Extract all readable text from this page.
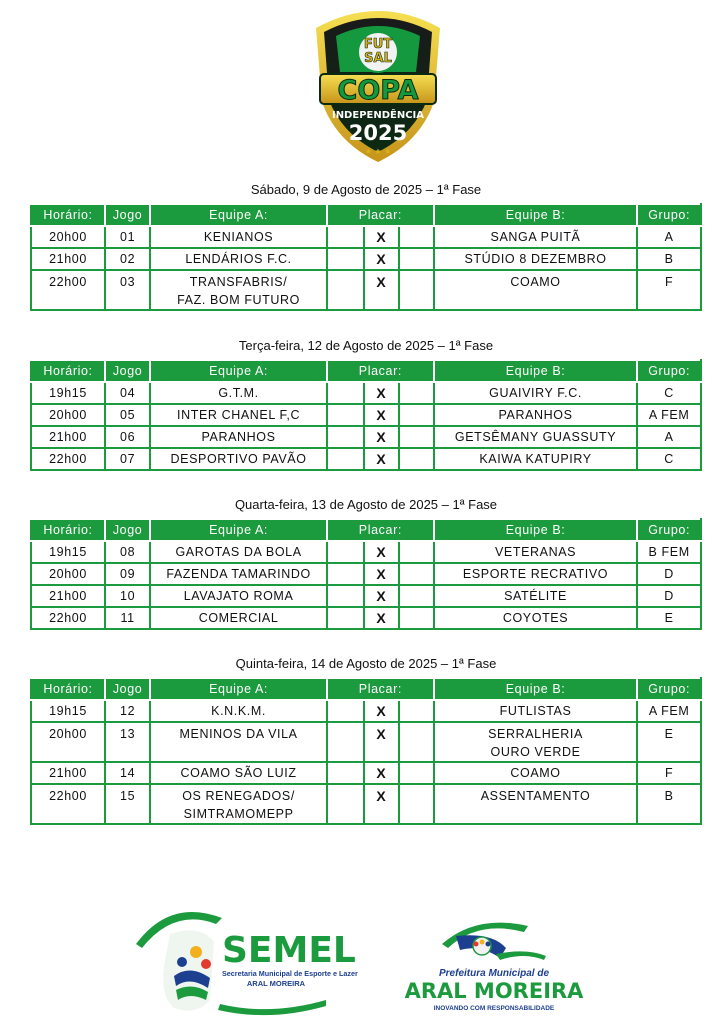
FUT
SAL
COPA
INDEPENDÊNCIA
2025
★ ★ ★
Sábado, 9 de Agosto de 2025 – 1ª Fase
Horário:	Jogo	Equipe A:	Placar:			Equipe B:	Grupo:
20h00	01	KENIANOS		X		SANGA PUITÃ	A
21h00	02	LENDÁRIOS F.C.		X		STÚDIO 8 DEZEMBRO	B
22h00	03	TRANSFABRIS/
FAZ. BOM FUTURO		X		COAMO	F
Terça-feira, 12 de Agosto de 2025 – 1ª Fase
Horário:	Jogo	Equipe A:	Placar:			Equipe B:	Grupo:
19h15	04	G.T.M.		X		GUAIVIRY F.C.	C
20h00	05	INTER CHANEL F,C		X		PARANHOS	A FEM
21h00	06	PARANHOS		X		GETSÊMANY GUASSUTY	A
22h00	07	DESPORTIVO PAVÃO		X		KAIWA KATUPIRY	C
Quarta-feira, 13 de Agosto de 2025 – 1ª Fase
Horário:	Jogo	Equipe A:	Placar:			Equipe B:	Grupo:
19h15	08	GAROTAS DA BOLA		X		VETERANAS	B FEM
20h00	09	FAZENDA TAMARINDO		X		ESPORTE RECRATIVO	D
21h00	10	LAVAJATO ROMA		X		SATÉLITE	D
22h00	11	COMERCIAL		X		COYOTES	E
Quinta-feira, 14 de Agosto de 2025 – 1ª Fase
Horário:	Jogo	Equipe A:	Placar:			Equipe B:	Grupo:
19h15	12	K.N.K.M.		X		FUTLISTAS	A FEM
20h00	13	MENINOS DA VILA		X		SERRALHERIA
OURO VERDE	E
21h00	14	COAMO SÃO LUIZ		X		COAMO	F
22h00	15	OS RENEGADOS/
SIMTRAMOMEPP		X		ASSENTAMENTO	B
SEMEL
Secretaria Municipal de Esporte e Lazer
ARAL MOREIRA
Prefeitura Municipal de
ARAL MOREIRA
INOVANDO COM RESPONSABILIDADE
